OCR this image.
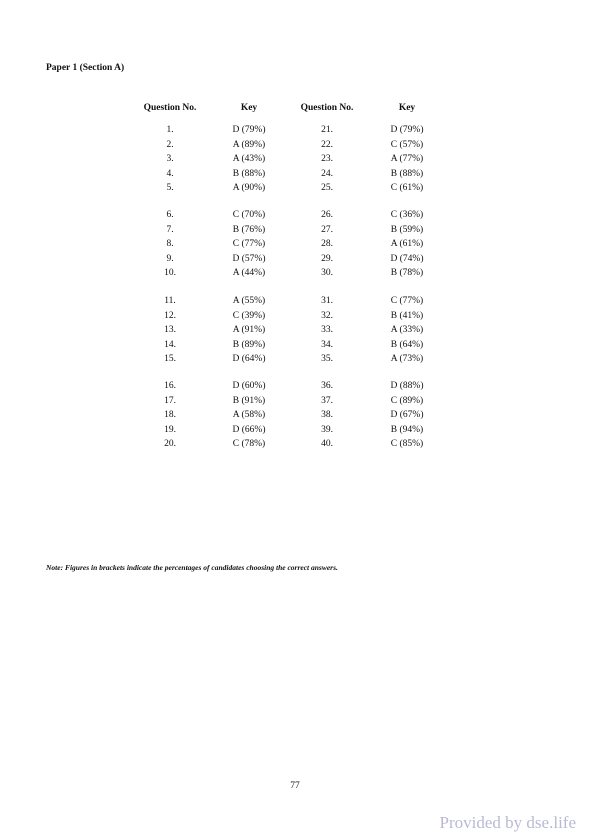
Paper 1 (Section A)
Question No.	Key	Question No.	Key
1.	D (79%)	21.	D (79%)
2.	A (89%)	22.	C (57%)
3.	A (43%)	23.	A (77%)
4.	B (88%)	24.	B (88%)
5.	A (90%)	25.	C (61%)
6.	C (70%)	26.	C (36%)
7.	B (76%)	27.	B (59%)
8.	C (77%)	28.	A (61%)
9.	D (57%)	29.	D (74%)
10.	A (44%)	30.	B (78%)
11.	A (55%)	31.	C (77%)
12.	C (39%)	32.	B (41%)
13.	A (91%)	33.	A (33%)
14.	B (89%)	34.	B (64%)
15.	D (64%)	35.	A (73%)
16.	D (60%)	36.	D (88%)
17.	B (91%)	37.	C (89%)
18.	A (58%)	38.	D (67%)
19.	D (66%)	39.	B (94%)
20.	C (78%)	40.	C (85%)
Note: Figures in brackets indicate the percentages of candidates choosing the correct answers.
77
Provided by dse.life
